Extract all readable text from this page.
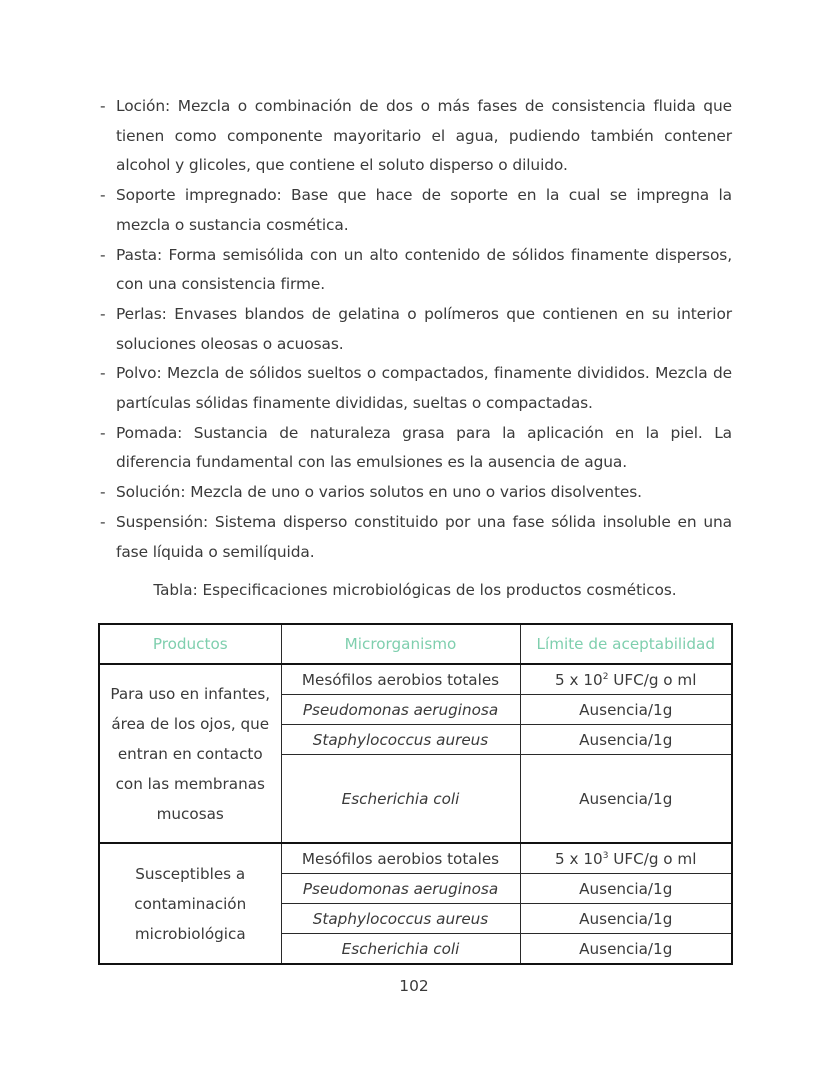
- Loción: Mezcla o combinación de dos o más fases de consistencia fluida que tienen como componente mayoritario el agua, pudiendo también contener alcohol y glicoles, que contiene el soluto disperso o diluido.
- Soporte impregnado: Base que hace de soporte en la cual se impregna la mezcla o sustancia cosmética.
- Pasta: Forma semisólida con un alto contenido de sólidos finamente dispersos, con una consistencia firme.
- Perlas: Envases blandos de gelatina o polímeros que contienen en su interior soluciones oleosas o acuosas.
- Polvo: Mezcla de sólidos sueltos o compactados, finamente divididos. Mezcla de partículas sólidas finamente divididas, sueltas o compactadas.
- Pomada: Sustancia de naturaleza grasa para la aplicación en la piel. La diferencia fundamental con las emulsiones es la ausencia de agua.
- Solución: Mezcla de uno o varios solutos en uno o varios disolventes.
- Suspensión: Sistema disperso constituido por una fase sólida insoluble en una fase líquida o semilíquida.
Tabla: Especificaciones microbiológicas de los productos cosméticos.
Productos	Microrganismo	Límite de aceptabilidad
Para uso en infantes, área de los ojos, que entran en contacto con las membranas mucosas	Mesófilos aerobios totales	5 x $10^2$ UFC/g o ml
	Pseudomonas aeruginosa	Ausencia/1g
	Staphylococcus aureus	Ausencia/1g
	Escherichia coli	Ausencia/1g
Susceptibles a contaminación microbiológica	Mesófilos aerobios totales	5 x $10^3$ UFC/g o ml
	Pseudomonas aeruginosa	Ausencia/1g
	Staphylococcus aureus	Ausencia/1g
	Escherichia coli	Ausencia/1g
102
